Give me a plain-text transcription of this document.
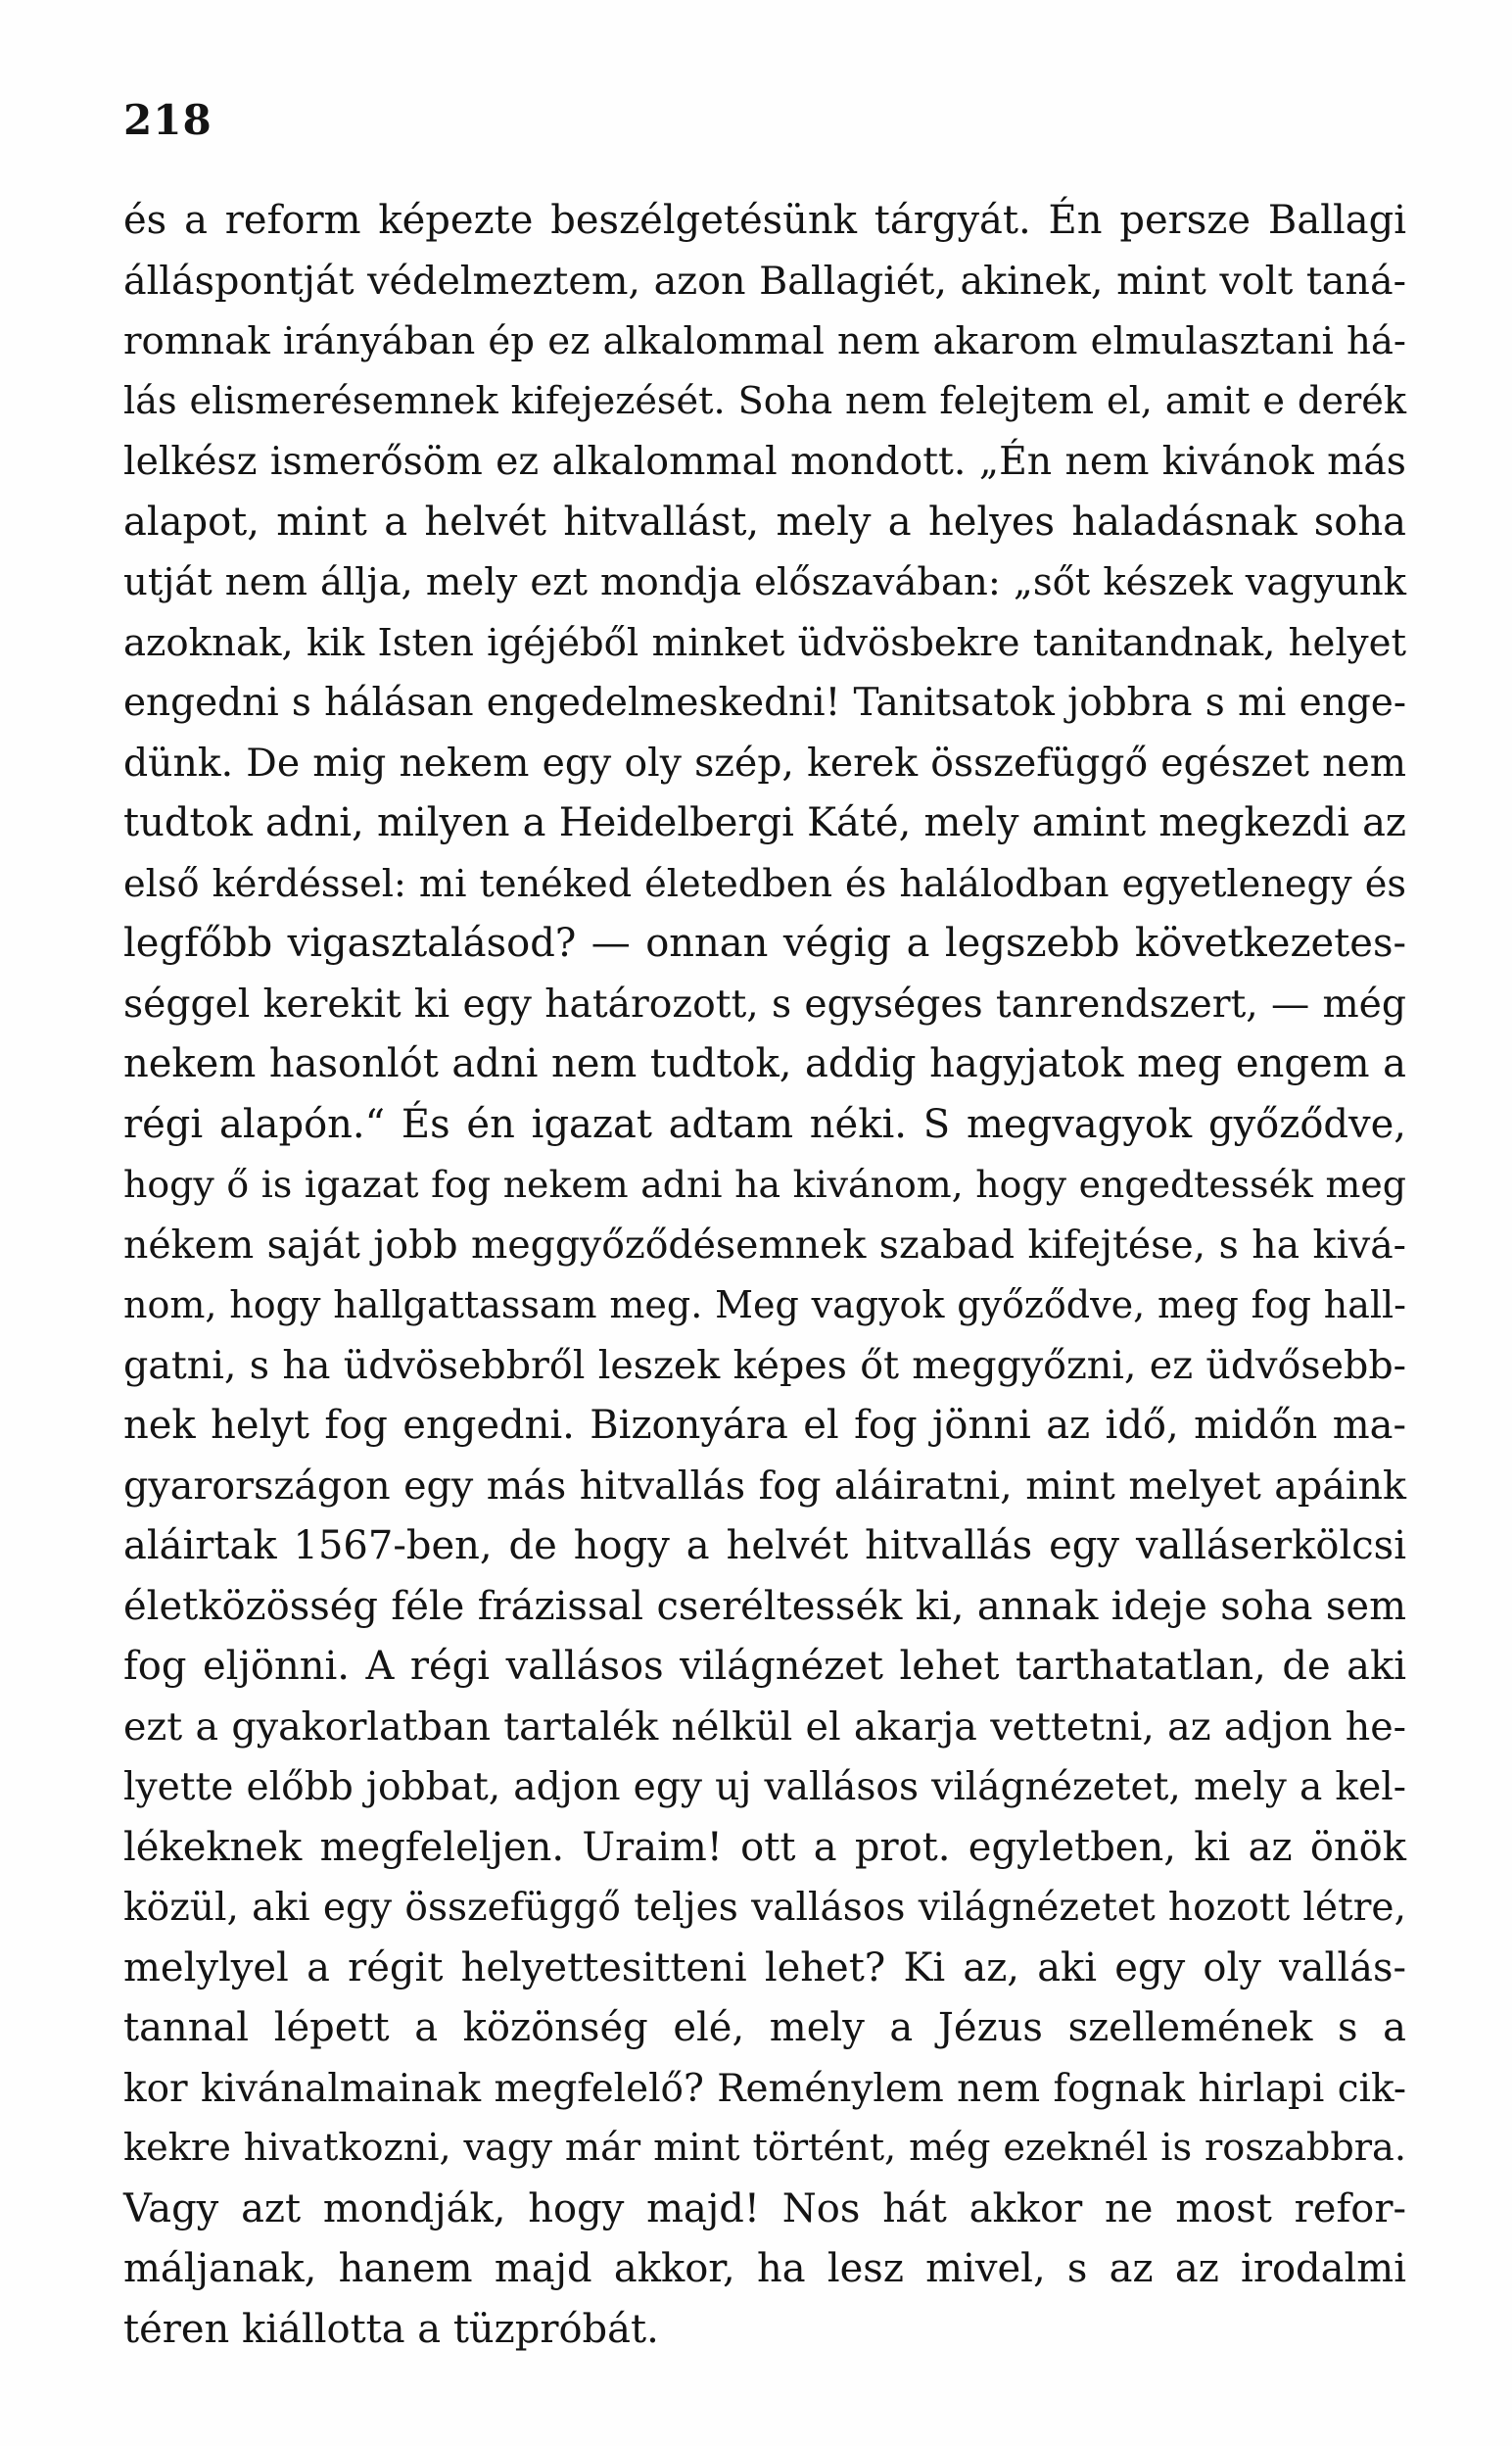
218
és a reform képezte beszélgetésünk tárgyát. Én persze Ballagi
álláspontját védelmeztem, azon Ballagiét, akinek, mint volt taná-
romnak irányában ép ez alkalommal nem akarom elmulasztani há-
lás elismerésemnek kifejezését. Soha nem felejtem el, amit e derék
lelkész ismerősöm ez alkalommal mondott. „Én nem kivánok más
alapot, mint a helvét hitvallást, mely a helyes haladásnak soha
utját nem állja, mely ezt mondja előszavában: „sőt készek vagyunk
azoknak, kik Isten igéjéből minket üdvösbekre tanitandnak, helyet
engedni s hálásan engedelmeskedni! Tanitsatok jobbra s mi enge-
dünk. De mig nekem egy oly szép, kerek összefüggő egészet nem
tudtok adni, milyen a Heidelbergi Káté, mely amint megkezdi az
első kérdéssel: mi tenéked életedben és halálodban egyetlenegy és
legfőbb vigasztalásod? — onnan végig a legszebb következetes-
séggel kerekit ki egy határozott, s egységes tanrendszert, — még
nekem hasonlót adni nem tudtok, addig hagyjatok meg engem a
régi alapón.“ És én igazat adtam néki. S megvagyok győződve,
hogy ő is igazat fog nekem adni ha kivánom, hogy engedtessék meg
nékem saját jobb meggyőződésemnek szabad kifejtése, s ha kivá-
nom, hogy hallgattassam meg. Meg vagyok győződve, meg fog hall-
gatni, s ha üdvösebbről leszek képes őt meggyőzni, ez üdvősebb-
nek helyt fog engedni. Bizonyára el fog jönni az idő, midőn ma-
gyarországon egy más hitvallás fog aláiratni, mint melyet apáink
aláirtak 1567-ben, de hogy a helvét hitvallás egy valláserkölcsi
életközösség féle frázissal cseréltessék ki, annak ideje soha sem
fog eljönni. A régi vallásos világnézet lehet tarthatatlan, de aki
ezt a gyakorlatban tartalék nélkül el akarja vettetni, az adjon he-
lyette előbb jobbat, adjon egy uj vallásos világnézetet, mely a kel-
lékeknek megfeleljen. Uraim! ott a prot. egyletben, ki az önök
közül, aki egy összefüggő teljes vallásos világnézetet hozott létre,
melylyel a régit helyettesitteni lehet? Ki az, aki egy oly vallás-
tannal lépett a közönség elé, mely a Jézus szellemének s a
kor kivánalmainak megfelelő? Reménylem nem fognak hirlapi cik-
kekre hivatkozni, vagy már mint történt, még ezeknél is roszabbra.
Vagy azt mondják, hogy majd! Nos hát akkor ne most refor-
máljanak, hanem majd akkor, ha lesz mivel, s az az irodalmi
téren kiállotta a tüzpróbát.
